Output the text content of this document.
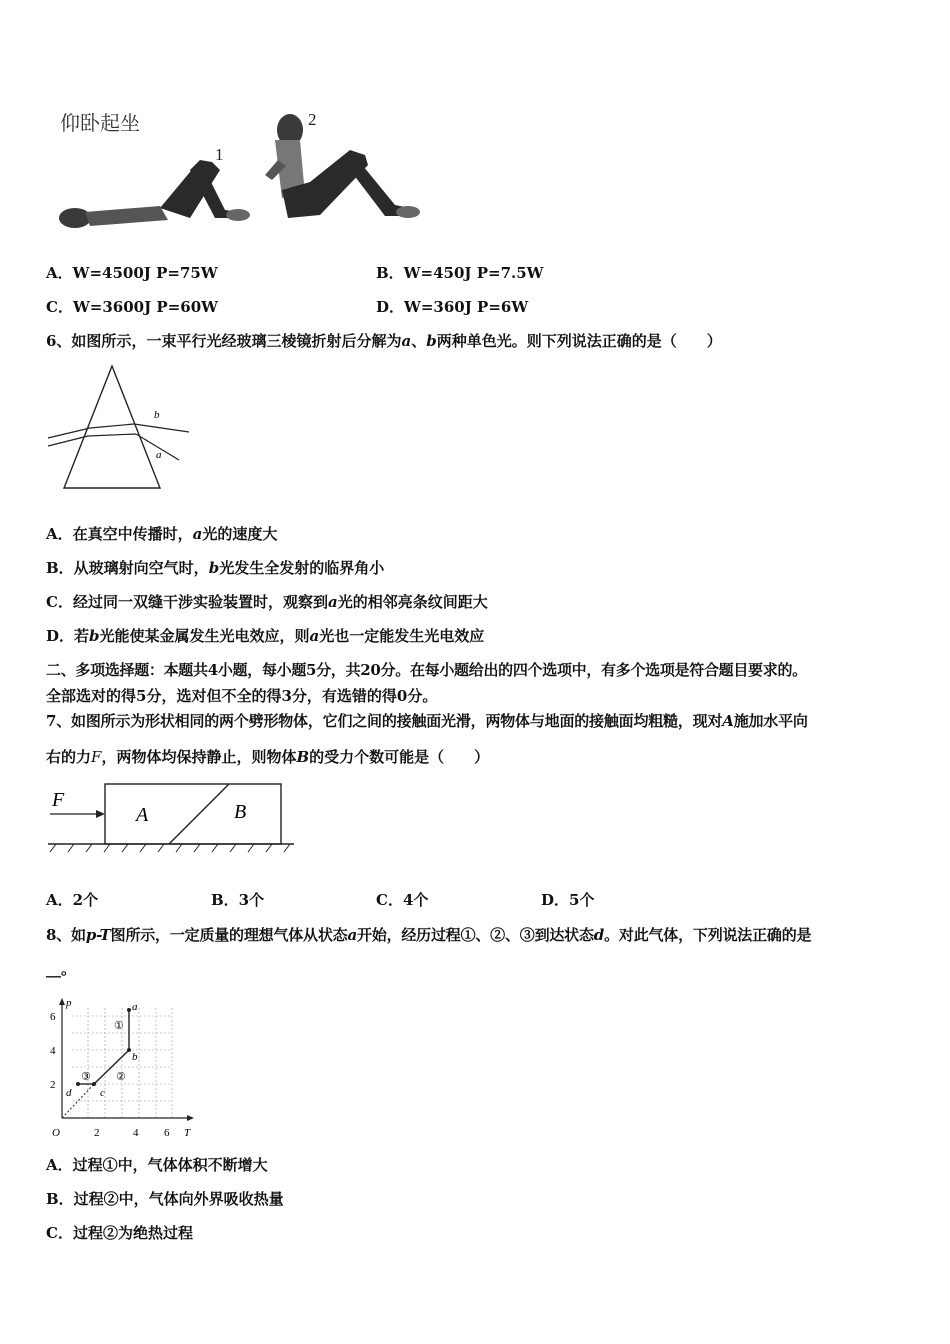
仰卧起坐
1
2
A．W=4500J P=75W	B．W=450J P=7.5W
C．W=3600J P=60W	D．W=360J P=6W
6、如图所示，一束平行光经玻璃三棱镜折射后分解为a、b两种单色光。则下列说法正确的是（　　）
b
a
A．在真空中传播时，a光的速度大
B．从玻璃射向空气时，b光发生全发射的临界角小
C．经过同一双缝干涉实验装置时，观察到a光的相邻亮条纹间距大
D．若b光能使某金属发生光电效应，则a光也一定能发生光电效应
二、多项选择题：本题共4小题，每小题5分，共20分。在每小题给出的四个选项中，有多个选项是符合题目要求的。
全部选对的得5分，选对但不全的得3分，有选错的得0分。
7、如图所示为形状相同的两个劈形物体，它们之间的接触面光滑，两物体与地面的接触面均粗糙，现对A施加水平向
右的力F，两物体均保持静止，则物体B的受力个数可能是（　　）
F
A	B
A．2个	B．3个	C．4个	D．5个
8、如p-T图所示，一定质量的理想气体从状态a开始，经历过程①、②、③到达状态d。对此气体，下列说法正确的是
__。
p
T
O
6
4
2
2	4 6
a
b
c
d
①
②
③
A．过程①中，气体体积不断增大
B．过程②中，气体向外界吸收热量
C．过程②为绝热过程
